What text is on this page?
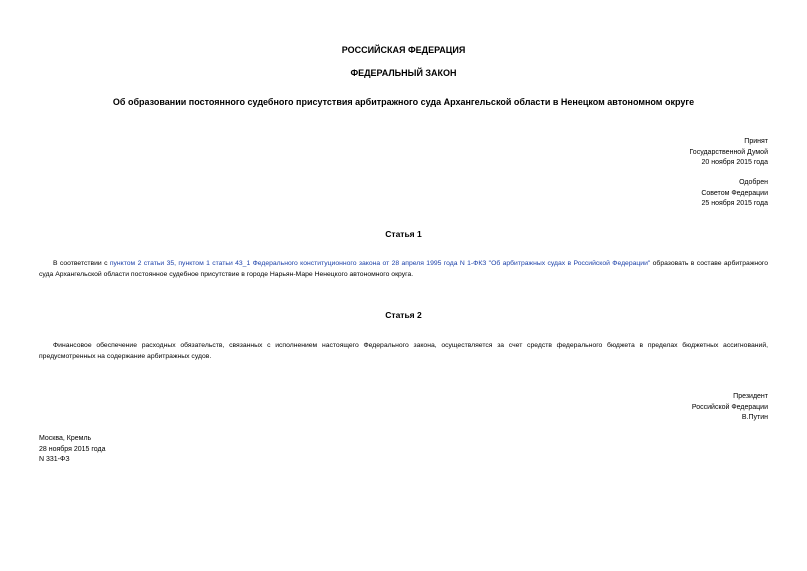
РОССИЙСКАЯ ФЕДЕРАЦИЯ
ФЕДЕРАЛЬНЫЙ ЗАКОН
Об образовании постоянного судебного присутствия арбитражного суда Архангельской области в Ненецком автономном округе
Принят
Государственной Думой
20 ноября 2015 года
Одобрен
Советом Федерации
25 ноября 2015 года
Статья 1
В соответствии с пунктом 2 статьи 35, пунктом 1 статьи 43_1 Федерального конституционного закона от 28 апреля 1995 года N 1-ФКЗ "Об арбитражных судах в Российской Федерации" образовать в составе арбитражного суда Архангельской области постоянное судебное присутствие в городе Нарьян-Маре Ненецкого автономного округа.
Статья 2
Финансовое обеспечение расходных обязательств, связанных с исполнением настоящего Федерального закона, осуществляется за счет средств федерального бюджета в пределах бюджетных ассигнований, предусмотренных на содержание арбитражных судов.
Президент
Российской Федерации
В.Путин
Москва, Кремль
28 ноября 2015 года
N 331-ФЗ
